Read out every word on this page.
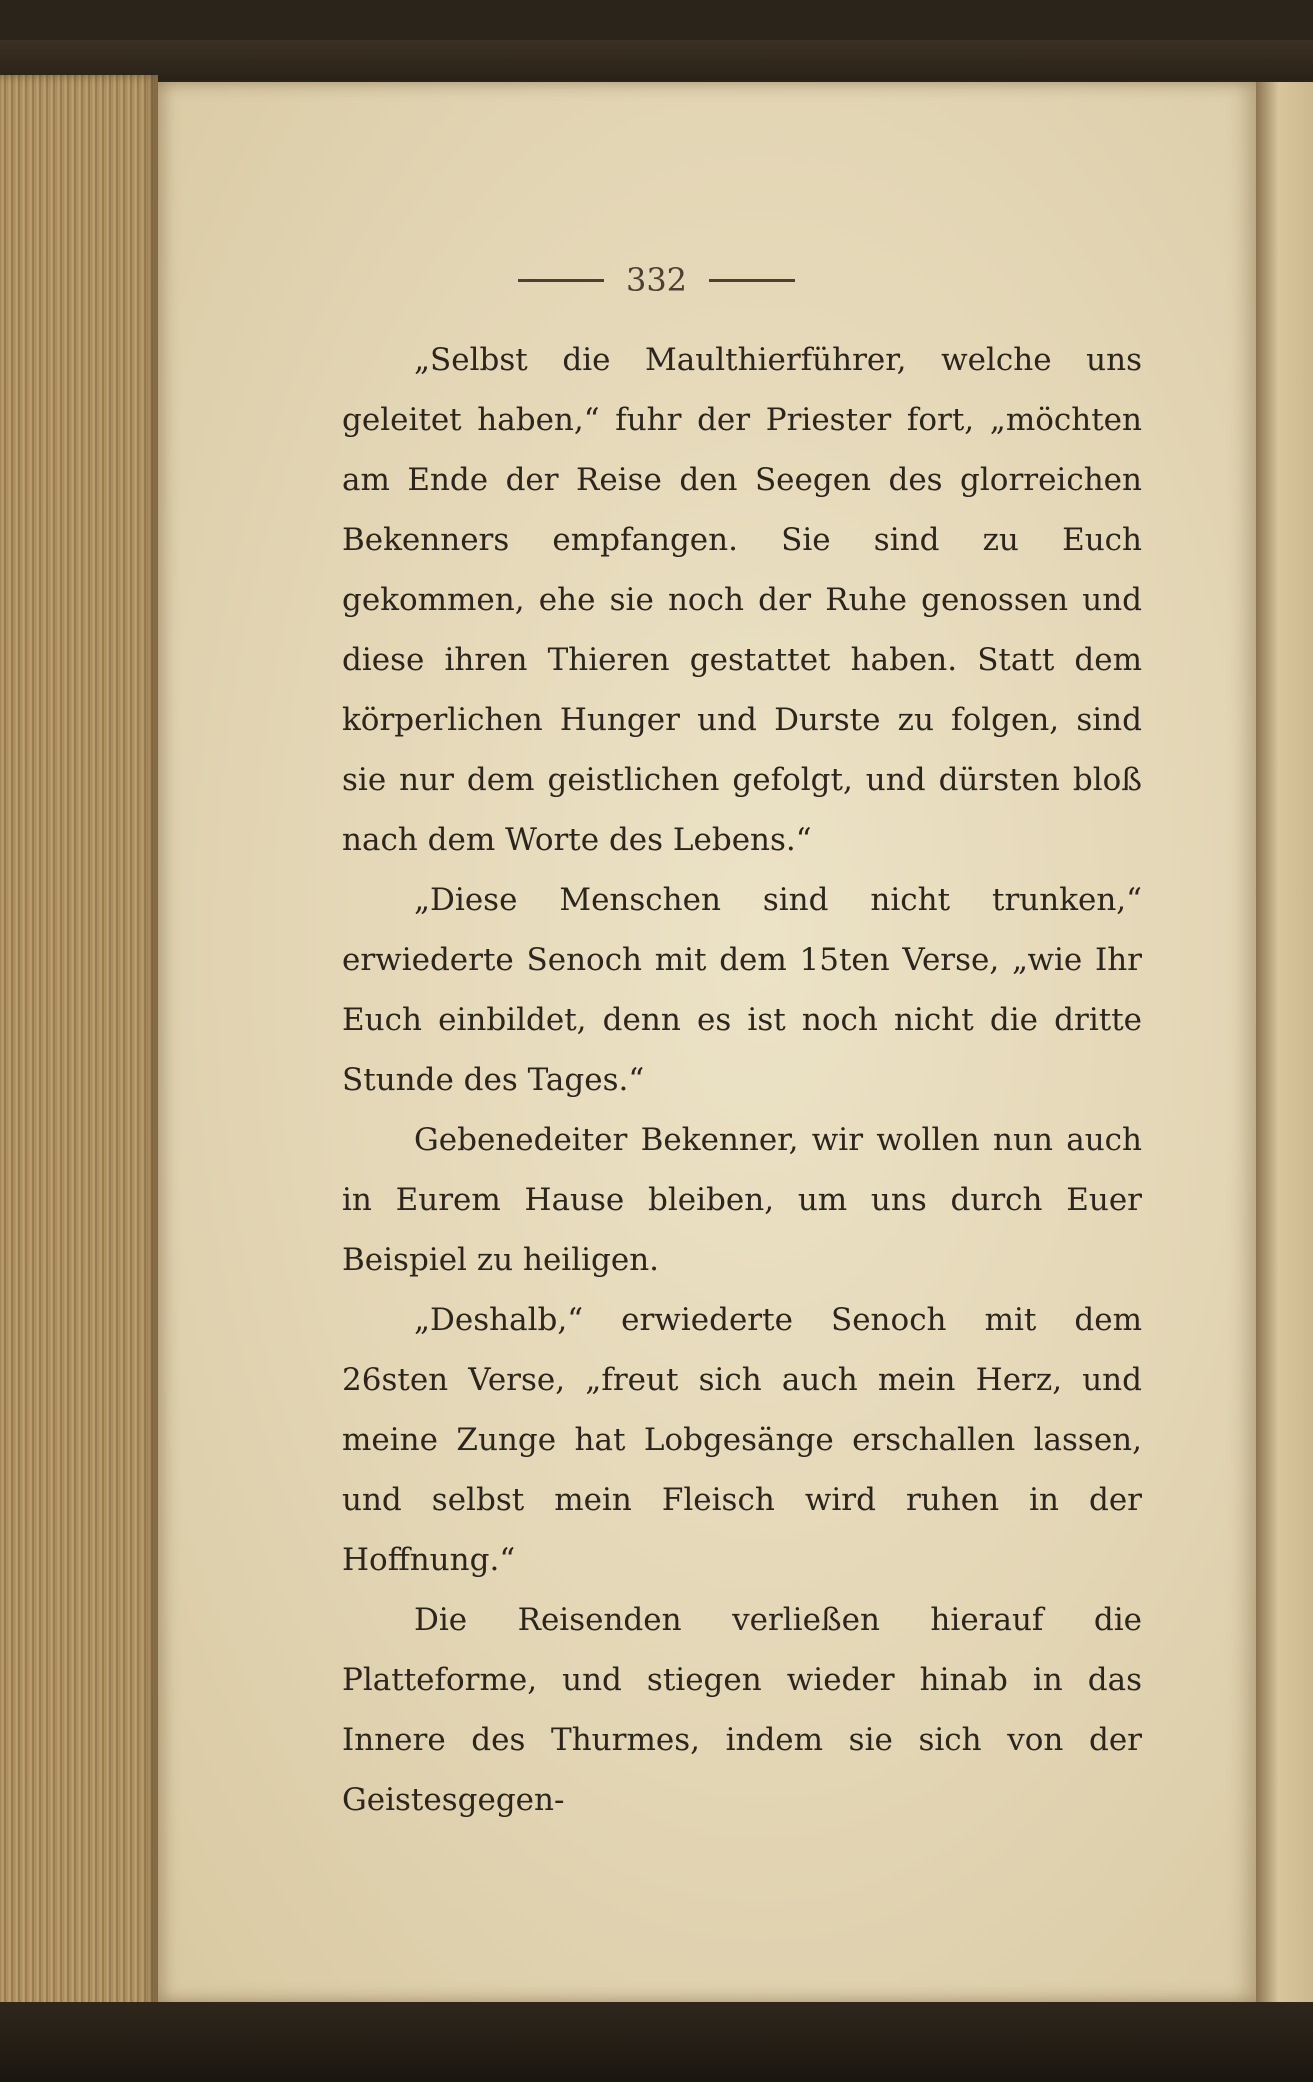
332

„Selbst die Maulthierführer, welche uns geleitet haben,“ fuhr der Priester fort, „möchten am Ende der Reise den Seegen des glorreichen Bekenners empfangen. Sie sind zu Euch gekommen, ehe sie noch der Ruhe genossen und diese ihren Thieren gestattet haben. Statt dem körperlichen Hunger und Durste zu folgen, sind sie nur dem geistlichen gefolgt, und dürsten bloß nach dem Worte des Lebens.“

„Diese Menschen sind nicht trunken,“ erwiederte Senoch mit dem 15ten Verse, „wie Ihr Euch einbildet, denn es ist noch nicht die dritte Stunde des Tages.“

Gebenedeiter Bekenner, wir wollen nun auch in Eurem Hause bleiben, um uns durch Euer Beispiel zu heiligen.

„Deshalb,“ erwiederte Senoch mit dem 26sten Verse, „freut sich auch mein Herz, und meine Zunge hat Lobgesänge erschallen lassen, und selbst mein Fleisch wird ruhen in der Hoffnung.“

Die Reisenden verließen hierauf die Platteforme, und stiegen wieder hinab in das Innere des Thurmes, indem sie sich von der Geistesgegen-
